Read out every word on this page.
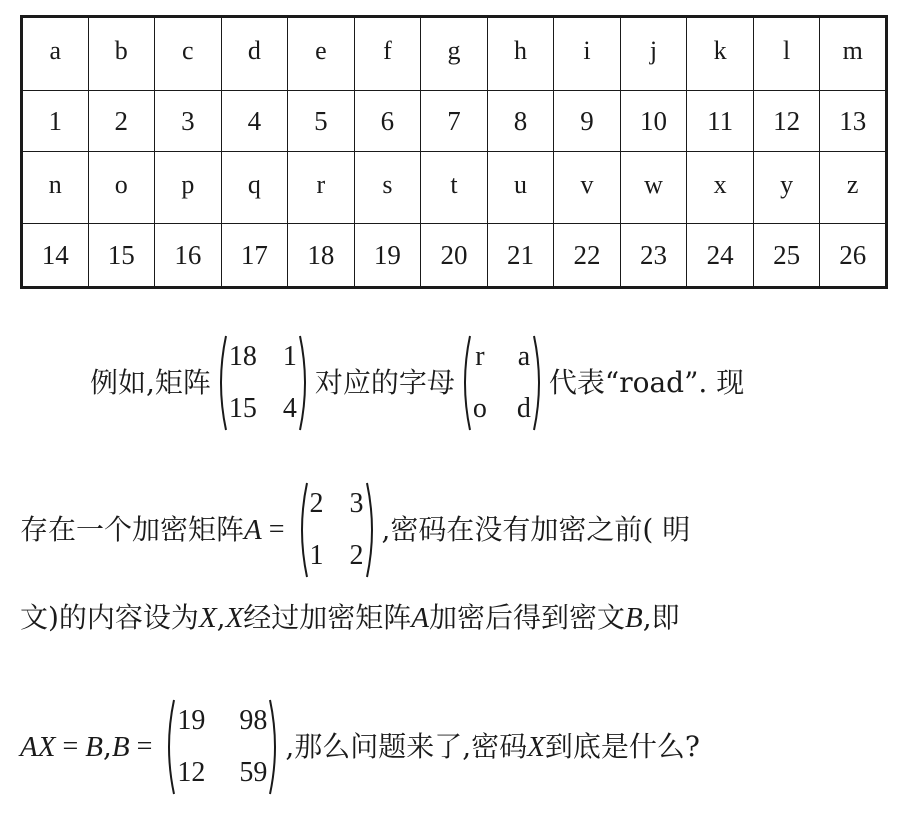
a	b	c	d	e	f	g	h	i	j	k	l	m
1	2	3	4	5	6	7	8	9	10	11	12	13
n	o	p	q	r	s	t	u	v	w	x	y	z
14	15	16	17	18	19	20	21	22	23	24	25	26
例如,矩阵
18 1
15 4
对应的字母
r a
o d
代表“road”. 现
存在一个加密矩阵 A =
2 3
1 2
,密码在没有加密之前( 明
文)的内容设为 X , X 经过加密矩阵 A 加密后得到密文 B ,即
AX = B , B =
19 98
12 59
,那么问题来了,密码 X 到底是什么?
